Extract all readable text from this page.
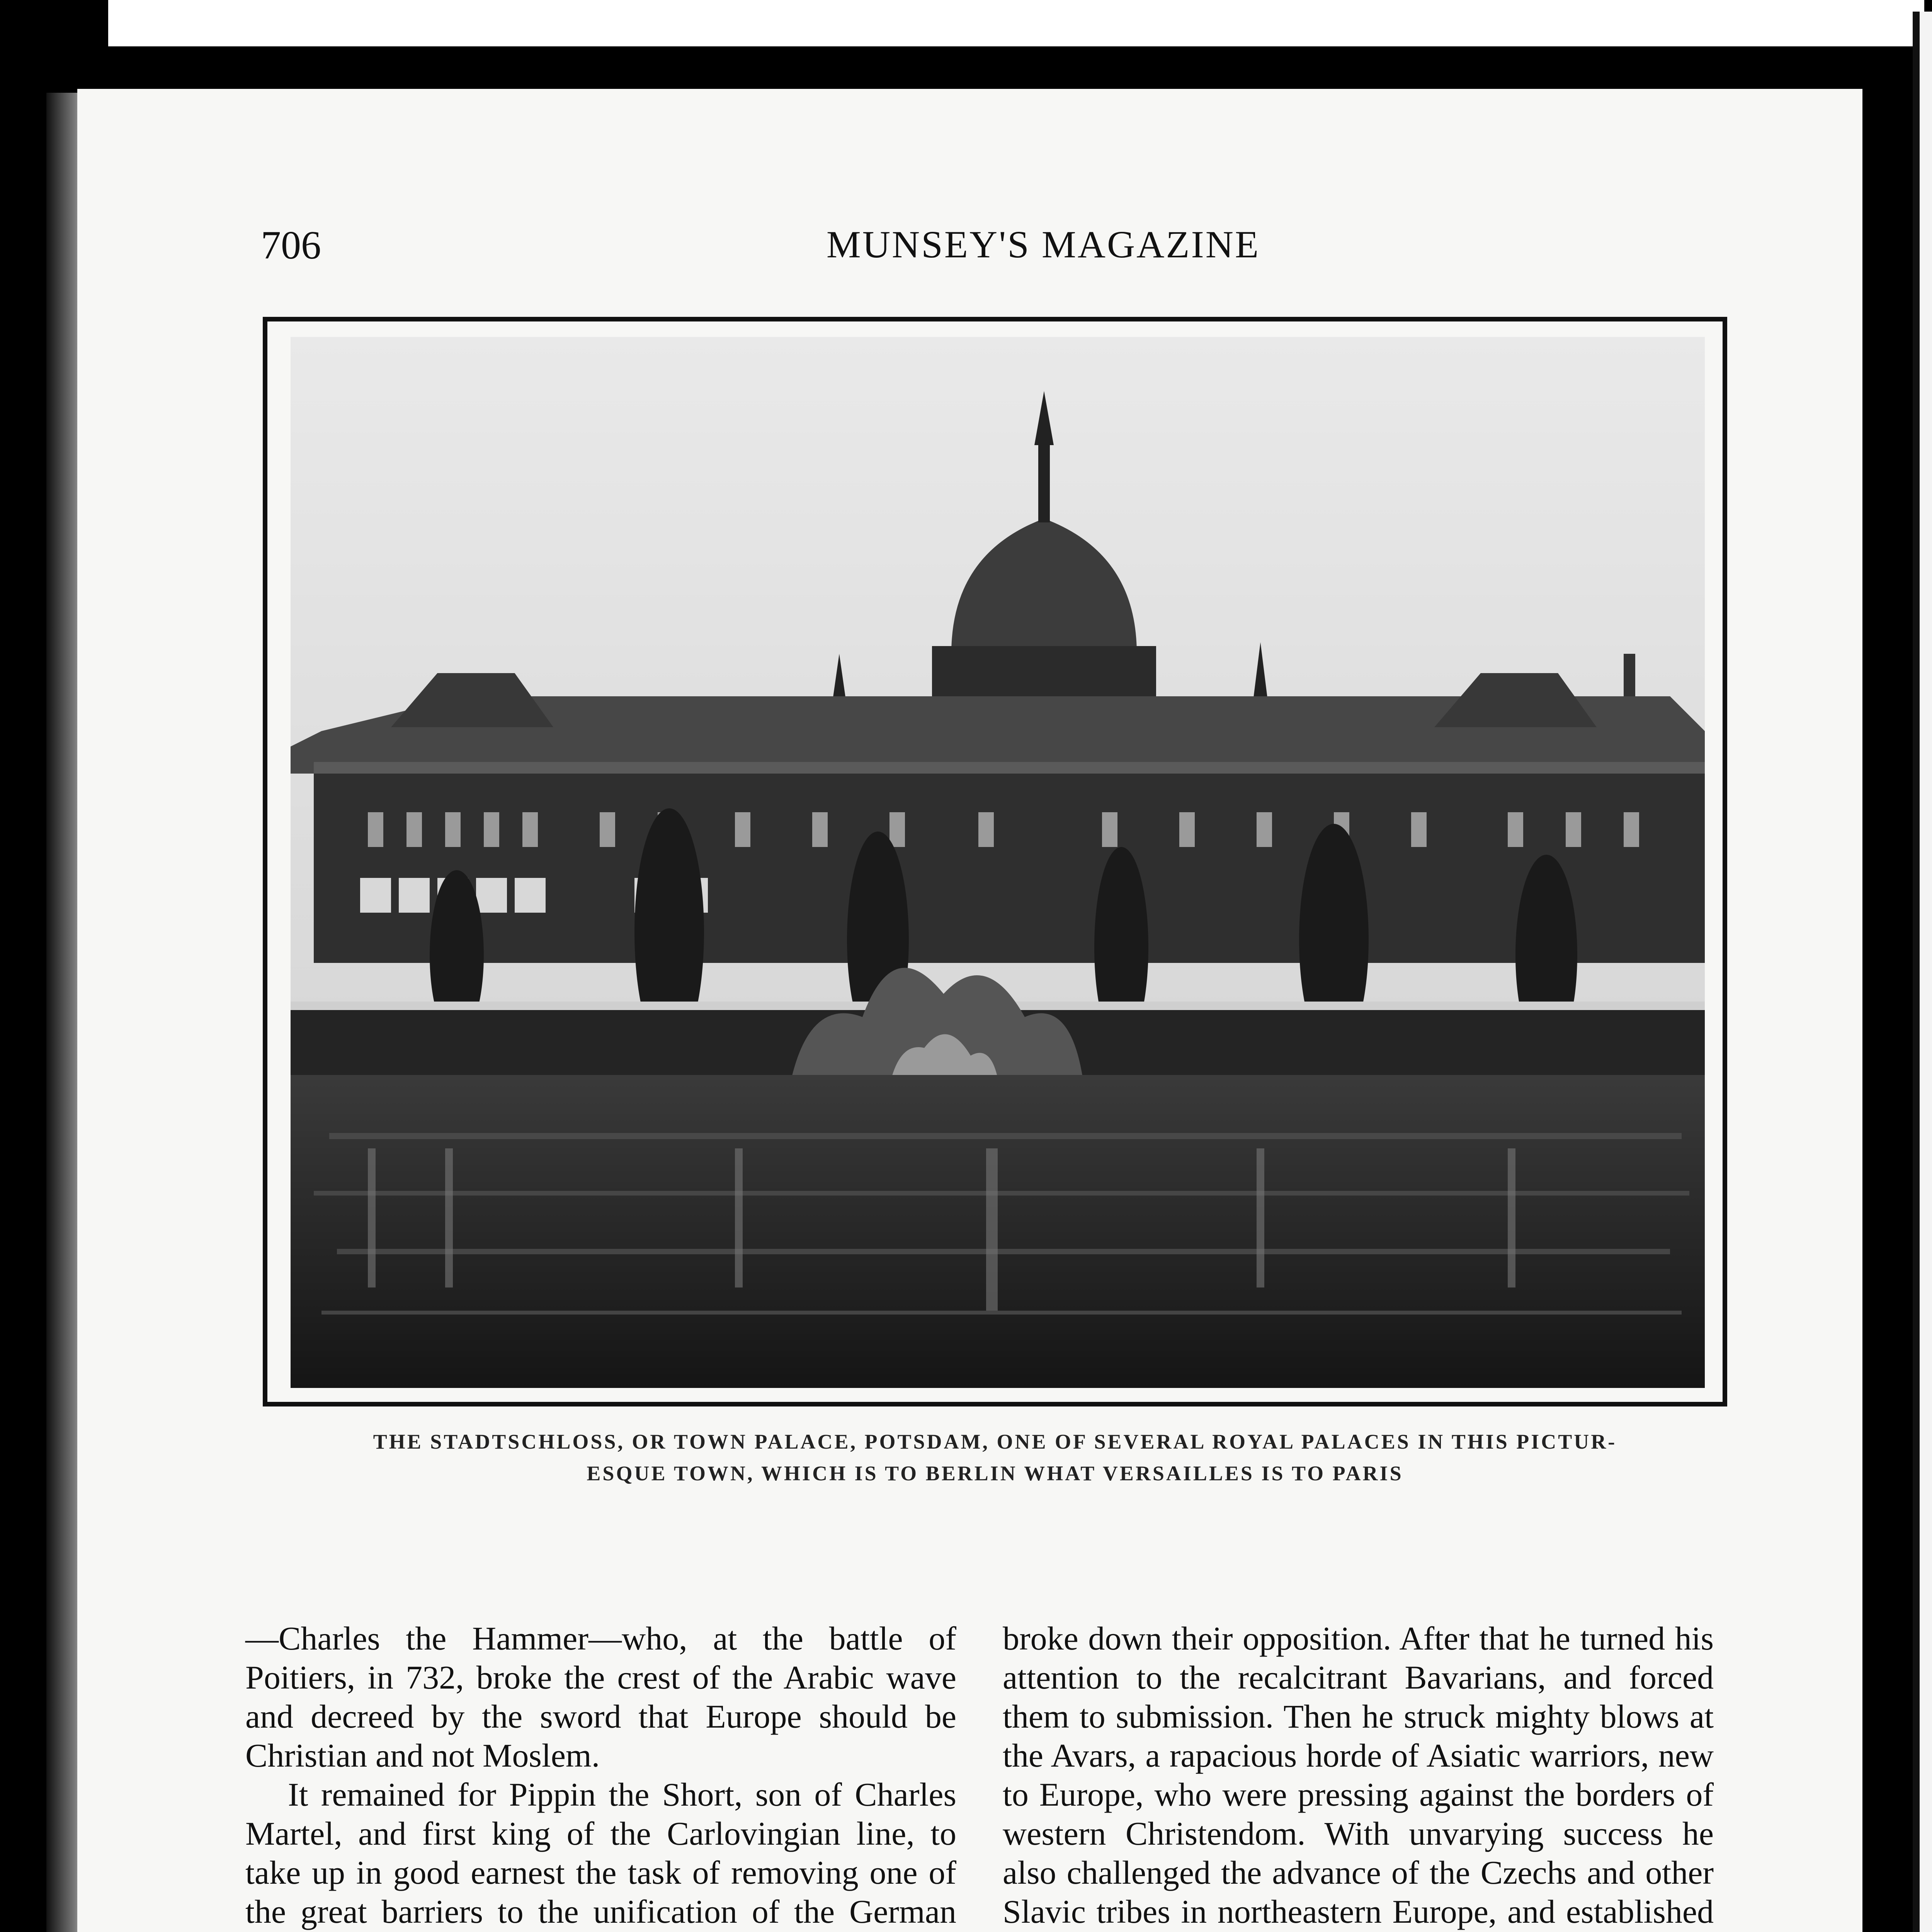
706	MUNSEY'S MAGAZINE
THE STADTSCHLOSS, OR TOWN PALACE, POTSDAM, ONE OF SEVERAL ROYAL PALACES IN THIS PICTUR-
ESQUE TOWN, WHICH IS TO BERLIN WHAT VERSAILLES IS TO PARIS

—Charles the Hammer—who, at the battle of Poitiers, in 732, broke the crest of the Arabic wave and decreed by the sword that Europe should be Christian and not Moslem.

It remained for Pippin the Short, son of Charles Martel, and first king of the Carlovingian line, to take up in good earnest the task of removing one of the great barriers to the unification of the German

broke down their opposition. After that he turned his attention to the recalcitrant Bavarians, and forced them to submission. Then he struck mighty blows at the Avars, a rapacious horde of Asiatic warriors, new to Europe, who were pressing against the borders of western Christendom. With unvarying success he also challenged the advance of the Czechs and other Slavic tribes in northeastern Europe, and established
